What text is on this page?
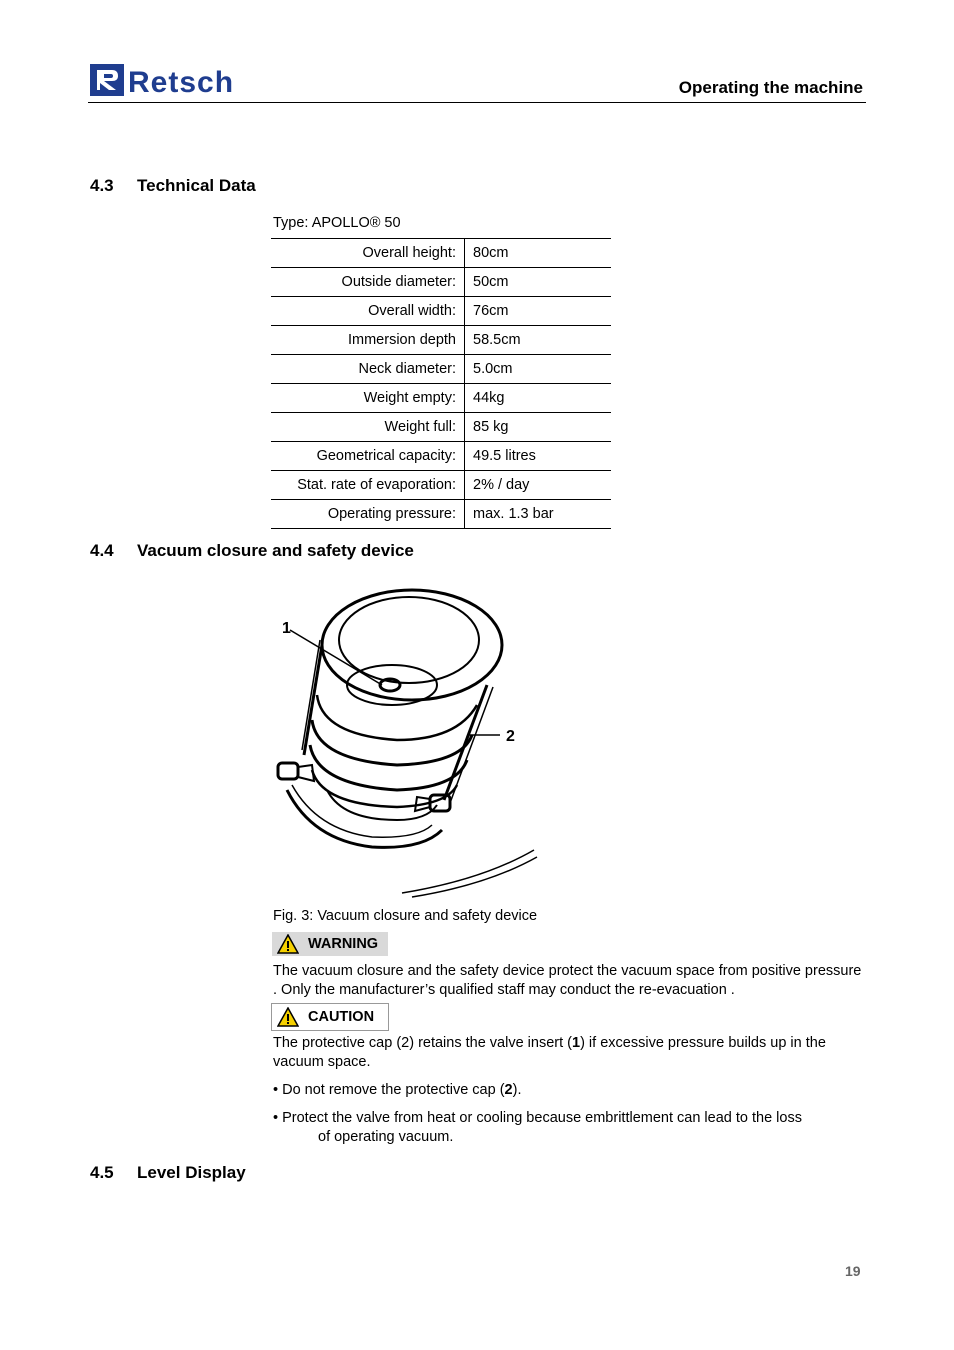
Retsch	Operating the machine
4.3 Technical Data
Type: APOLLO® 50
Overall height:	80cm
Outside diameter:	50cm
Overall width:	76cm
Immersion depth	58.5cm
Neck diameter:	5.0cm
Weight empty:	44kg
Weight full:	85 kg
Geometrical capacity:	49.5 litres
Stat. rate of evaporation:	2% / day
Operating pressure:	max. 1.3 bar
4.4 Vacuum closure and safety device
1
2
Fig. 3: Vacuum closure and safety device
WARNING
The vacuum closure and the safety device protect the vacuum space from positive pressure . Only the manufacturer’s qualified staff may conduct the re-evacuation .
CAUTION
The protective cap (2) retains the valve insert (1) if excessive pressure builds up in the vacuum space.
• Do not remove the protective cap (2).
• Protect the valve from heat or cooling because embrittlement can lead to the loss
of operating vacuum.
4.5 Level Display
19
